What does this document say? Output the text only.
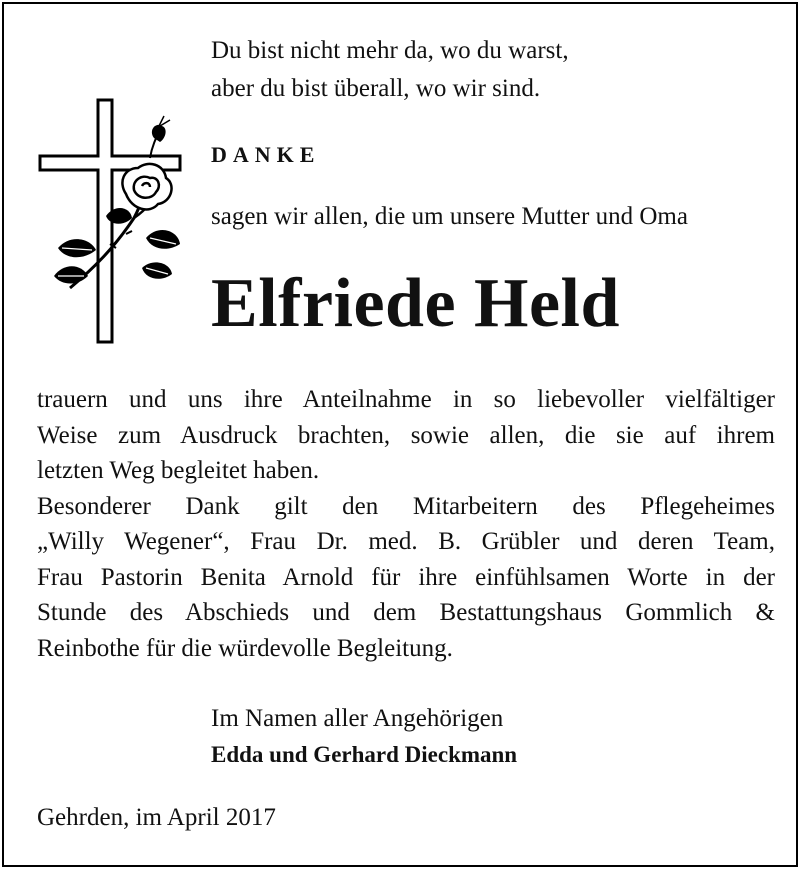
Du bist nicht mehr da, wo du warst,
aber du bist überall, wo wir sind.
DANKE
sagen wir allen, die um unsere Mutter und Oma
Elfriede Held
trauern und uns ihre Anteilnahme in so liebevoller vielfältiger
Weise zum Ausdruck brachten, sowie allen, die sie auf ihrem
letzten Weg begleitet haben.
Besonderer Dank gilt den Mitarbeitern des Pflegeheimes
„Willy Wegener“, Frau Dr. med. B. Grübler und deren Team,
Frau Pastorin Benita Arnold für ihre einfühlsamen Worte in der
Stunde des Abschieds und dem Bestattungshaus Gommlich &
Reinbothe für die würdevolle Begleitung.
Im Namen aller Angehörigen
Edda und Gerhard Dieckmann
Gehrden, im April 2017
